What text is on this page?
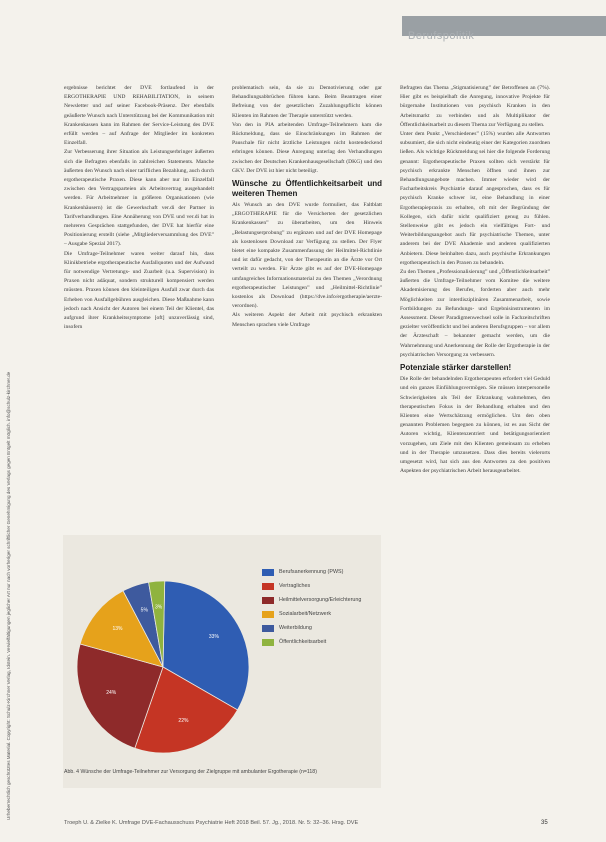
Berufspolitik
Urheberrechtlich geschütztes Material. Copyright: Schulz-Kirchner Verlag, Idstein. Vervielfältigungen jeglicher Art nur nach vorheriger schriftlicher Genehmigung des Verlags gegen Entgelt möglich. info@schulz-kirchner.de

ergebnisse berichtet der DVE fortlaufend in der ERGOTHERAPIE UND REHABILITATION, in seinem Newsletter und auf seiner Facebook-Präsenz. Der ebenfalls geäußerte Wunsch nach Unterstützung bei der Kommunikation mit Krankenkassen kann im Rahmen der Service-Leistung des DVE erfüllt werden – auf Anfrage der Mitglieder im konkreten Einzelfall.

Zur Verbesserung ihrer Situation als Leistungserbringer äußerten sich die Befragten ebenfalls in zahlreichen Statements. Manche äußerten den Wunsch nach einer tariflichen Bezahlung, auch durch ergotherapeutische Praxen. Diese kann aber nur im Einzelfall zwischen den Vertragsparteien als Arbeitsvertrag ausgehandelt werden. Für Arbeitnehmer in größeren Organisationen (wie Krankenhäusern) ist die Gewerkschaft ver.di der Partner in Tarifverhandlungen. Eine Annäherung von DVE und ver.di hat in mehreren Gesprächen stattgefunden, der DVE hat hierfür eine Positionierung erstellt (siehe „Mitgliederversammlung des DVE” – Ausgabe Spezial 2017).

Die Umfrage-Teilnehmer waren weiter darauf hin, dass Klinikbetriebe ergotherapeutische Ausfallquoten und der Aufwand für notwendige Vertretungs- und Zuarbeit (u.a. Supervision) in Praxen nicht adäquat, sondern strukturell kompensiert werden müssten. Praxen können den kleinteiligen Ausfall zwar durch das Erheben von Ausfallgebühren ausgleichen. Diese Maßnahme kann jedoch nach Ansicht der Autoren bei einem Teil der Klientel, das aufgrund ihrer Krankheitssymptome [oft] unzuverlässig sind, insofern

problematisch sein, da sie zu Demotivierung oder gar Behandlungsabbrüchen führen kann. Beim Beantragen einer Befreiung von der gesetzlichen Zuzahlungspflicht können Klienten im Rahmen der Therapie unterstützt werden.

Von den in PIA arbeitenden Umfrage-Teilnehmern kam die Rückmeldung, dass sie Einschränkungen im Rahmen der Pauschale für nicht ärztliche Leistungen nicht kostendeckend erbringen können. Diese Anregung unterlag den Verhandlungen zwischen der Deutschen Krankenhausgesellschaft (DKG) und den GKV. Der DVE ist hier nicht beteiligt.

Wünsche zu Öffentlichkeitsarbeit und weiteren Themen

Als Wunsch an den DVE wurde formuliert, das Faltblatt „ERGOTHERAPIE für die Versicherten der gesetzlichen Krankenkassen” zu überarbeiten, um den Hinweis „Belastungserprobung” zu ergänzen und auf der DVE Homepage als kostenlosen Download zur Verfügung zu stellen. Der Flyer bietet eine kompakte Zusammenfassung der Heilmittel-Richtlinie und ist dafür gedacht, von der Therapeutin an die Ärzte vor Ort verteilt zu werden. Für Ärzte gibt es auf der DVE-Homepage umfangreiches Informationsmaterial zu den Themen „Verordnung ergotherapeutischer Leistungen” und „Heilmittel-Richtlinie” kostenlos als Download (https://dve.info/ergotherapie/aerzte-verordnen).

Als weiteren Aspekt der Arbeit mit psychisch erkrankten Menschen sprachen viele Umfrage

Befragten das Thema „Stigmatisierung” der Betroffenen an (7%). Hier gibt es beispielhaft die Anregung, innovative Projekte für bürgernahe Institutionen von psychisch Kranken in den Arbeitsmarkt zu verbinden und als Multiplikator der Öffentlichkeitsarbeit zu diesem Thema zur Verfügung zu stellen.

Unter dem Punkt „Verschiedenes” (15%) wurden alle Antworten subsumiert, die sich nicht eindeutig einer der Kategorien zuordnen ließen. Als wichtige Rückmeldung sei hier die folgende Forderung genannt: Ergotherapeutische Praxen sollten sich verstärkt für psychisch erkrankte Menschen öffnen und ihnen zur Behandlungsangebote machen. Immer wieder wird der Facharbeitskreis Psychiatrie darauf angesprochen, dass es für psychisch Kranke schwer ist, eine Behandlung in einer Ergotherapiepraxis zu erhalten, oft mit der Begründung der Kollegen, sich dafür nicht qualifiziert genug zu fühlen. Stellenweise gibt es jedoch ein vielfältiges Fort- und Weiterbildungsangebot auch für psychiatrische Themen, unter anderem bei der DVE Akademie und anderen qualifizierten Anbietern. Diese beinhalten dazu, auch psychische Erkrankungen ergotherapeutisch in den Praxen zu behandeln.

Zu den Themen „Professionalisierung” und „Öffentlichkeitsarbeit” äußerten die Umfrage-Teilnehmer vom Komitee die weitere Akademisierung des Berufes, forderten aber auch mehr Möglichkeiten zur interdisziplinären Zusammenarbeit, sowie Fortbildungen zu Befundungs- und Ergebnisinstrumenten im Assessment. Dieser Paradigmenwechsel solle in Fachzeitschriften gezielter veröffentlicht und bei anderen Berufsgruppen – vor allem der Ärzteschaft – bekannter gemacht werden, um die Wahrnehmung und Anerkennung der Rolle der Ergotherapie in der psychiatrischen Versorgung zu verbessern.

Potenziale stärker darstellen!

Die Rolle der behandelnden Ergotherapeuten erfordert viel Geduld und ein ganzes Einfühlungsvermögen. Sie müssen interpersonelle Schwierigkeiten als Teil der Erkrankung wahrnehmen, den therapeutischen Fokus in der Behandlung erhalten und den Klienten eine Wertschätzung ermöglichen. Um den oben genannten Problemen begegnen zu können, ist es aus Sicht der Autoren wichtig, Klientenzentriert und betätigungsorientiert vorzugehen, um Ziele mit den Klienten gemeinsam zu erheben und in der Therapie umzusetzen. Dass dies bereits vielerorts umgesetzt wird, hat sich aus den Antworten zu den positiven Aspekten der psychiatrischen Arbeit herausgearbeitet.

33%
22%
24%
13%
5% 3%
Berufsanerkennung (PWS)
Vertragliches
Heilmittelversorgung/Erleichterung
Sozialarbeit/Netzwerk
Weiterbildung
Öffentlichkeitsarbeit
Abb. 4 Wünsche der Umfrage-Teilnehmer zur Versorgung der Zielgruppe mit ambulanter Ergotherapie (n=118)
Troeph U. & Zielke K. Umfrage DVE-Fachausschuss Psychiatrie Heft 2018 Beil. 57. Jg., 2018. Nr. 5: 32–36. Hrsg. DVE	35
